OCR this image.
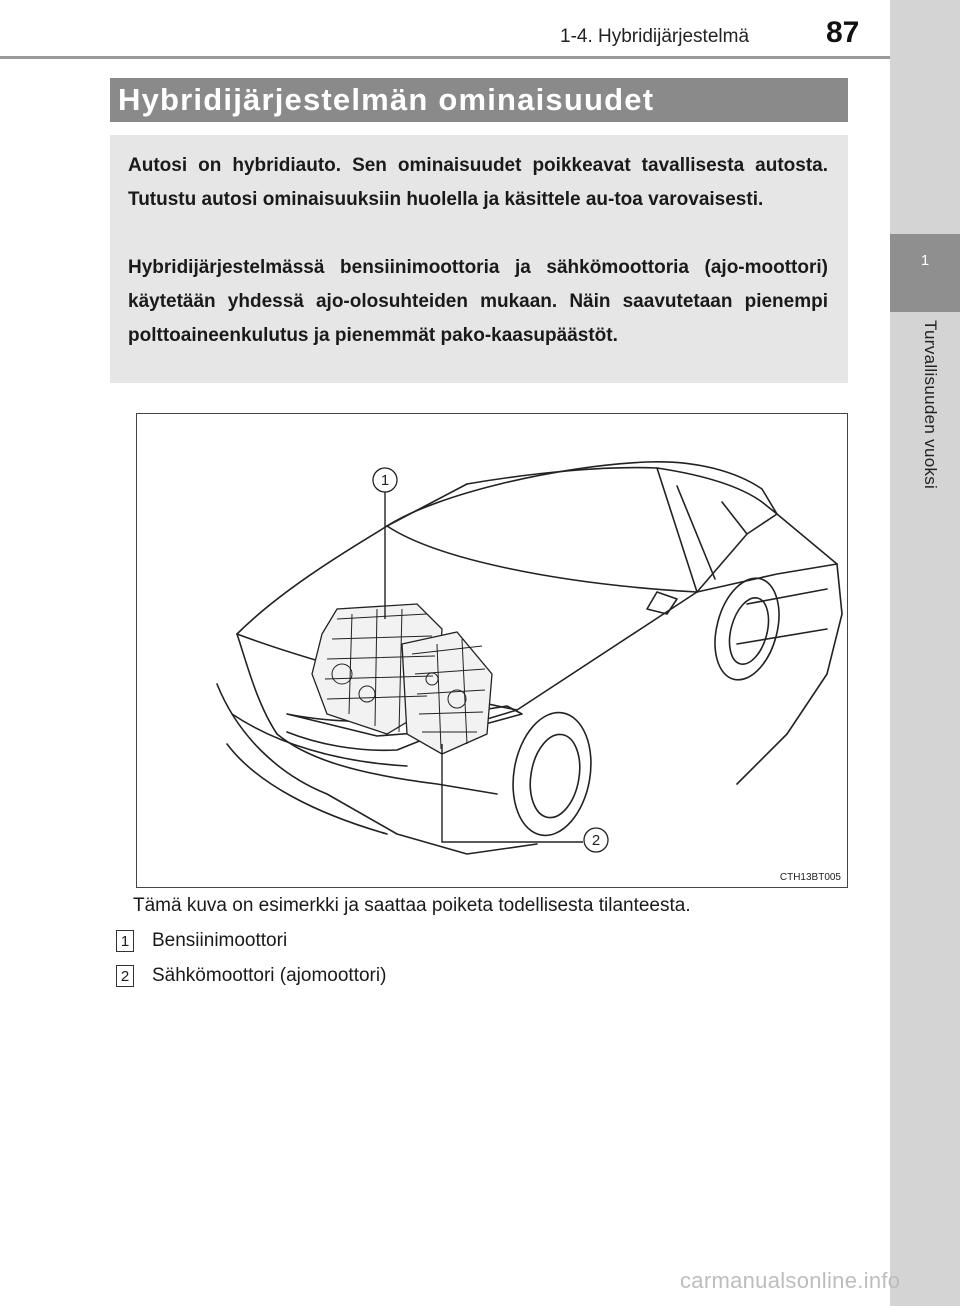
87
1-4. Hybridijärjestelmä
1
Turvallisuuden vuoksi
Hybridijärjestelmän ominaisuudet

Autosi on hybridiauto. Sen ominaisuudet poikkeavat tavallisesta autosta. Tutustu autosi ominaisuuksiin huolella ja käsittele au-toa varovaisesti.

Hybridijärjestelmässä bensiinimoottoria ja sähkömoottoria (ajo-moottori) käytetään yhdessä ajo-olosuhteiden mukaan. Näin saavutetaan pienempi polttoaineenkulutus ja pienemmät pako-kaasupäästöt.

1
2
CTH13BT005
Tämä kuva on esimerkki ja saattaa poiketa todellisesta tilanteesta.
1 Bensiinimoottori
2 Sähkömoottori (ajomoottori)
carmanualsonline.info
